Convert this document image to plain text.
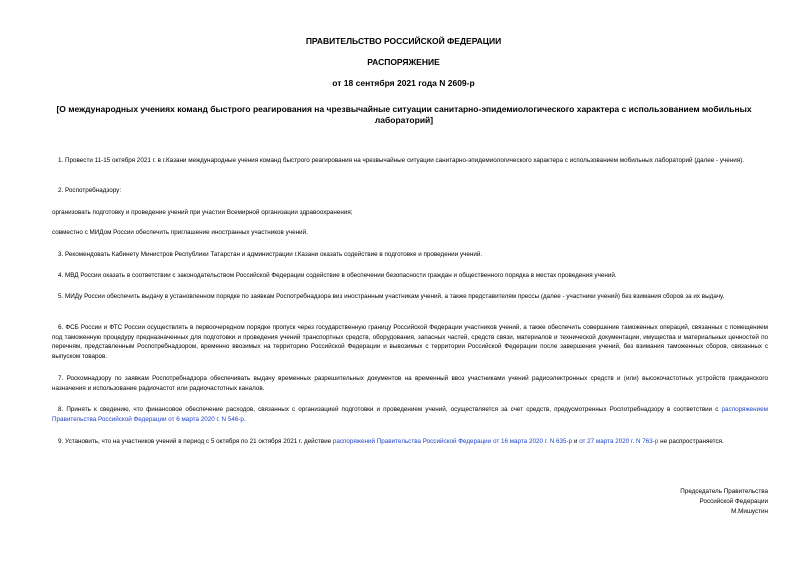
ПРАВИТЕЛЬСТВО РОССИЙСКОЙ ФЕДЕРАЦИИ
РАСПОРЯЖЕНИЕ
от 18 сентября 2021 года N 2609-р
[О международных учениях команд быстрого реагирования на чрезвычайные ситуации санитарно-эпидемиологического характера с использованием мобильных лабораторий]
1. Провести 11-15 октября 2021 г. в г.Казани международные учения команд быстрого реагирования на чрезвычайные ситуации санитарно-эпидемиологического характера с использованием мобильных лабораторий (далее - учения).
2. Роспотребнадзору:
организовать подготовку и проведение учений при участии Всемирной организации здравоохранения;
совместно с МИДом России обеспечить приглашение иностранных участников учений.
3. Рекомендовать Кабинету Министров Республики Татарстан и администрации г.Казани оказать содействие в подготовке и проведении учений.
4. МВД России оказать в соответствии с законодательством Российской Федерации содействие в обеспечении безопасности граждан и общественного порядка в местах проведения учений.
5. МИДу России обеспечить выдачу в установленном порядке по заявкам Роспотребнадзора виз иностранным участникам учений, а также представителям прессы (далее - участники учений) без взимания сборов за их выдачу.
6. ФСБ России и ФТС России осуществлять в первоочередном порядке пропуск через государственную границу Российской Федерации участников учений, а также обеспечить совершение таможенных операций, связанных с помещением под таможенную процедуру предназначенных для подготовки и проведения учений транспортных средств, оборудования, запасных частей, средств связи, материалов и технической документации, имущества и материальных ценностей по перечням, представленным Роспотребнадзором, временно ввозимых на территорию Российской Федерации и вывозимых с территории Российской Федерации после завершения учений, без взимания таможенных сборов, связанных с выпуском товаров.
7. Роскомнадзору по заявкам Роспотребнадзора обеспечивать выдачу временных разрешительных документов на временный ввоз участниками учений радиоэлектронных средств и (или) высокочастотных устройств гражданского назначения и использование радиочастот или радиочастотных каналов.
8. Принять к сведению, что финансовое обеспечение расходов, связанных с организацией подготовки и проведением учений, осуществляется за счет средств, предусмотренных Роспотребнадзору в соответствии с распоряжением Правительства Российской Федерации от 6 марта 2020 г. N 546-р.
9. Установить, что на участников учений в период с 5 октября по 21 октября 2021 г. действие распоряжений Правительства Российской Федерации от 16 марта 2020 г. N 635-р и от 27 марта 2020 г. N 763-р не распространяется.
Председатель Правительства
Российской Федерации
М.Мишустин
